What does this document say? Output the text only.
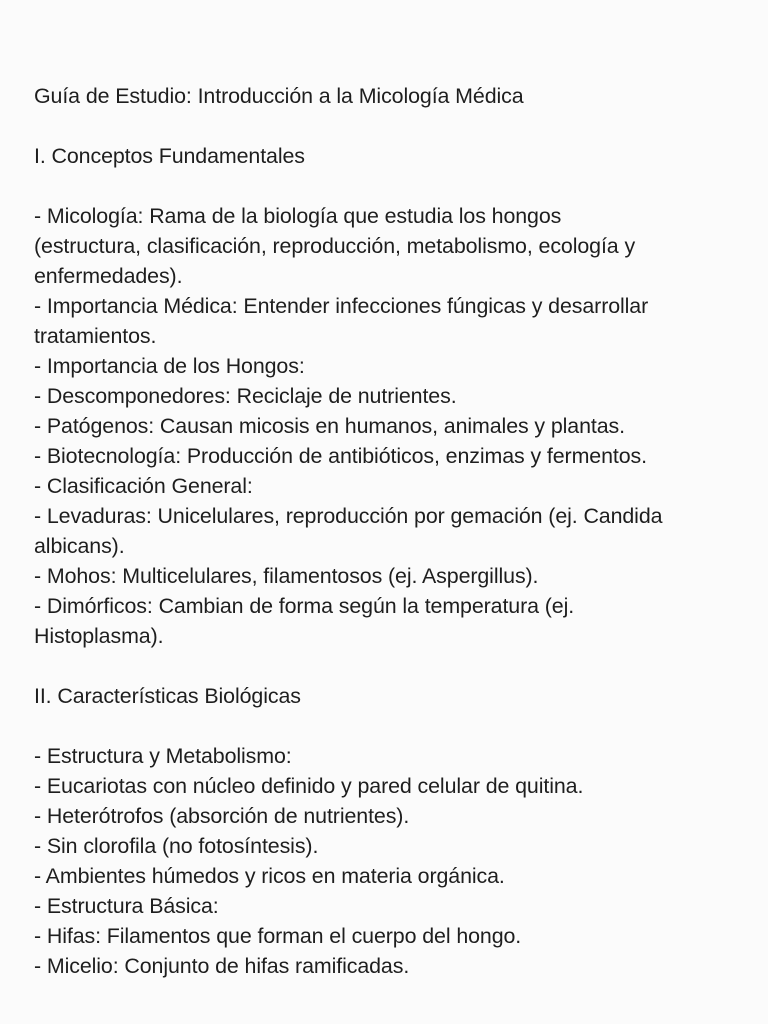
Guía de Estudio: Introducción a la Micología Médica

I. Conceptos Fundamentales

- Micología: Rama de la biología que estudia los hongos

(estructura, clasificación, reproducción, metabolismo, ecología y

enfermedades).

- Importancia Médica: Entender infecciones fúngicas y desarrollar

tratamientos.

- Importancia de los Hongos:

- Descomponedores: Reciclaje de nutrientes.

- Patógenos: Causan micosis en humanos, animales y plantas.

- Biotecnología: Producción de antibióticos, enzimas y fermentos.

- Clasificación General:

- Levaduras: Unicelulares, reproducción por gemación (ej. Candida

albicans).

- Mohos: Multicelulares, filamentosos (ej. Aspergillus).

- Dimórficos: Cambian de forma según la temperatura (ej.

Histoplasma).

II. Características Biológicas

- Estructura y Metabolismo:

- Eucariotas con núcleo definido y pared celular de quitina.

- Heterótrofos (absorción de nutrientes).

- Sin clorofila (no fotosíntesis).

- Ambientes húmedos y ricos en materia orgánica.

- Estructura Básica:

- Hifas: Filamentos que forman el cuerpo del hongo.

- Micelio: Conjunto de hifas ramificadas.
